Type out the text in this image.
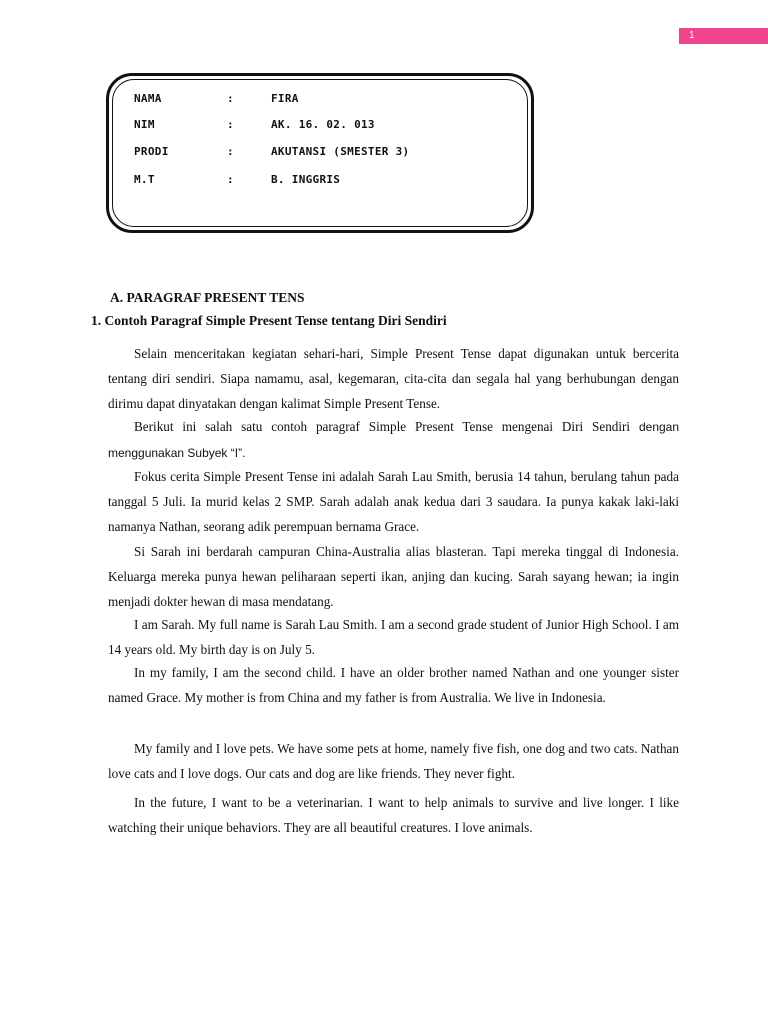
1
NAMA	:	FIRA
NIM	:	AK. 16. 02. 013
PRODI	:	AKUTANSI (SMESTER 3)
M.T	:	B. INGGRIS
A. PARAGRAF PRESENT TENS
1. Contoh Paragraf Simple Present Tense tentang Diri Sendiri

Selain menceritakan kegiatan sehari-hari, Simple Present Tense dapat digunakan untuk bercerita tentang diri sendiri. Siapa namamu, asal, kegemaran, cita-cita dan segala hal yang berhubungan dengan dirimu dapat dinyatakan dengan kalimat Simple Present Tense.

Berikut ini salah satu contoh paragraf Simple Present Tense mengenai Diri Sendiri dengan menggunakan Subyek “I”.

Fokus cerita Simple Present Tense ini adalah Sarah Lau Smith, berusia 14 tahun, berulang tahun pada tanggal 5 Juli. Ia murid kelas 2 SMP. Sarah adalah anak kedua dari 3 saudara. Ia punya kakak laki-laki namanya Nathan, seorang adik perempuan bernama Grace.

Si Sarah ini berdarah campuran China-Australia alias blasteran. Tapi mereka tinggal di Indonesia. Keluarga mereka punya hewan peliharaan seperti ikan, anjing dan kucing. Sarah sayang hewan; ia ingin menjadi dokter hewan di masa mendatang.

I am Sarah. My full name is Sarah Lau Smith. I am a second grade student of Junior High School. I am 14 years old. My birth day is on July 5.

In my family, I am the second child. I have an older brother named Nathan and one younger sister named Grace. My mother is from China and my father is from Australia. We live in Indonesia.

My family and I love pets. We have some pets at home, namely five fish, one dog and two cats. Nathan love cats and I love dogs. Our cats and dog are like friends. They never fight.

In the future, I want to be a veterinarian. I want to help animals to survive and live longer. I like watching their unique behaviors. They are all beautiful creatures. I love animals.
